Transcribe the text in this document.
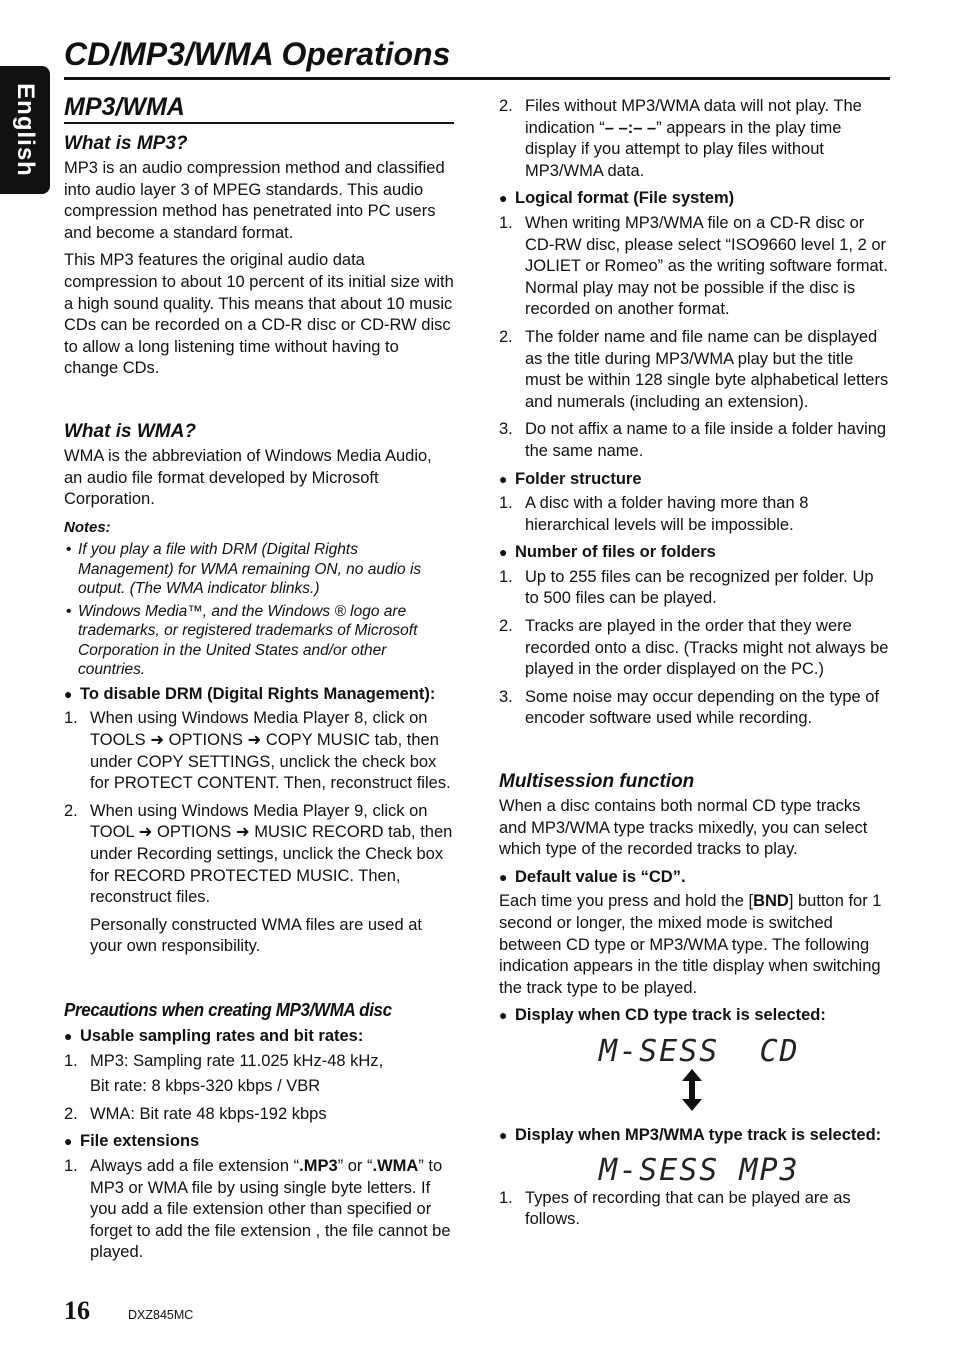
English
CD/MP3/WMA Operations
MP3/WMA
What is MP3?

MP3 is an audio compression method and classified into audio layer 3 of MPEG standards. This audio compression method has penetrated into PC users and become a standard format.

This MP3 features the original audio data compression to about 10 percent of its initial size with a high sound quality. This means that about 10 music CDs can be recorded on a CD-R disc or CD-RW disc to allow a long listening time without having to change CDs.

What is WMA?

WMA is the abbreviation of Windows Media Audio, an audio file format developed by Microsoft Corporation.

Notes:
• If you play a file with DRM (Digital Rights Management) for WMA remaining ON, no audio is output. (The WMA indicator blinks.)
• Windows Media™, and the Windows ® logo are trademarks, or registered trademarks of Microsoft Corporation in the United States and/or other countries.
● To disable DRM (Digital Rights Management):
1. When using Windows Media Player 8, click on TOOLS ➜ OPTIONS ➜ COPY MUSIC tab, then under COPY SETTINGS, unclick the check box for PROTECT CONTENT. Then, reconstruct files.
2. When using Windows Media Player 9, click on TOOL ➜ OPTIONS ➜ MUSIC RECORD tab, then under Recording settings, unclick the Check box for RECORD PROTECTED MUSIC. Then, reconstruct files.
Personally constructed WMA files are used at your own responsibility.
Precautions when creating MP3/WMA disc
● Usable sampling rates and bit rates:
1. MP3: Sampling rate 11.025 kHz-48 kHz,
Bit rate: 8 kbps-320 kbps / VBR
2. WMA: Bit rate 48 kbps-192 kbps
● File extensions
1. Always add a file extension “.MP3” or “.WMA” to MP3 or WMA file by using single byte letters. If you add a file extension other than specified or forget to add the file extension , the file cannot be played.
2. Files without MP3/WMA data will not play. The indication “– –:– –” appears in the play time display if you attempt to play files without MP3/WMA data.
● Logical format (File system)
1. When writing MP3/WMA file on a CD-R disc or CD-RW disc, please select “ISO9660 level 1, 2 or JOLIET or Romeo” as the writing software format. Normal play may not be possible if the disc is recorded on another format.
2. The folder name and file name can be displayed as the title during MP3/WMA play but the title must be within 128 single byte alphabetical letters and numerals (including an extension).
3. Do not affix a name to a file inside a folder having the same name.
● Folder structure
1. A disc with a folder having more than 8 hierarchical levels will be impossible.
● Number of files or folders
1. Up to 255 files can be recognized per folder. Up to 500 files can be played.
2. Tracks are played in the order that they were recorded onto a disc. (Tracks might not always be played in the order displayed on the PC.)
3. Some noise may occur depending on the type of encoder software used while recording.
Multisession function

When a disc contains both normal CD type tracks and MP3/WMA type tracks mixedly, you can select which type of the recorded tracks to play.

● Default value is “CD”.

Each time you press and hold the [BND] button for 1 second or longer, the mixed mode is switched between CD type or MP3/WMA type. The following indication appears in the title display when switching the track type to be played.

● Display when CD type track is selected:
M-SESS  CD
● Display when MP3/WMA type track is selected:
M-SESS MP3
1. Types of recording that can be played are as follows.
16	DXZ845MC
